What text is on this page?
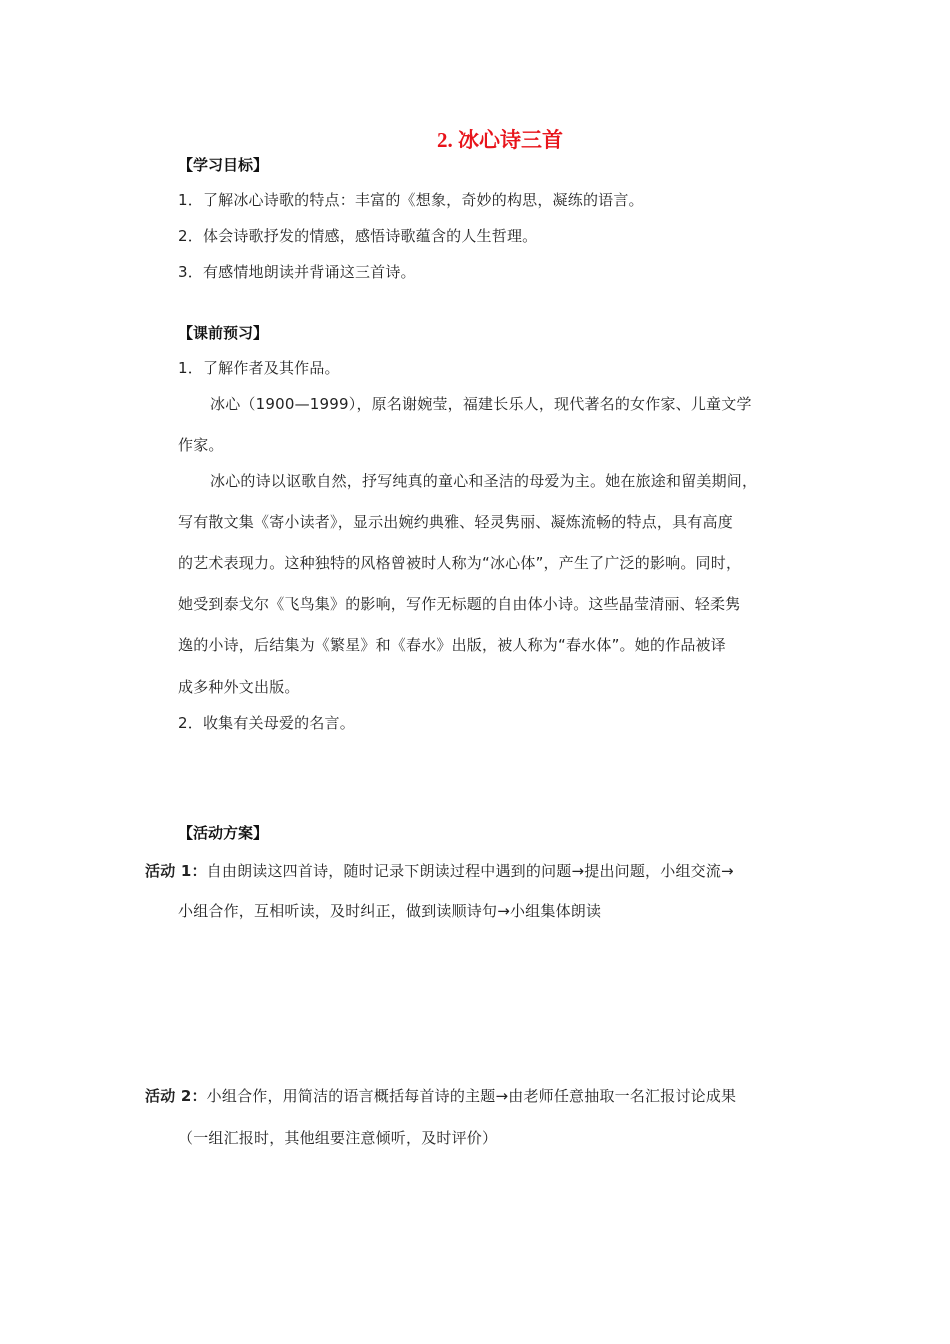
2. 冰心诗三首
【学习目标】
1．了解冰心诗歌的特点：丰富的《想象，奇妙的构思，凝练的语言。
2．体会诗歌抒发的情感，感悟诗歌蕴含的人生哲理。
3．有感情地朗读并背诵这三首诗。
【课前预习】
1．了解作者及其作品。
冰心（1900—1999），原名谢婉莹，福建长乐人，现代著名的女作家、儿童文学
作家。
冰心的诗以讴歌自然，抒写纯真的童心和圣洁的母爱为主。她在旅途和留美期间，
写有散文集《寄小读者》，显示出婉约典雅、轻灵隽丽、凝炼流畅的特点，具有高度
的艺术表现力。这种独特的风格曾被时人称为“冰心体”，产生了广泛的影响。同时，
她受到泰戈尔《飞鸟集》的影响，写作无标题的自由体小诗。这些晶莹清丽、轻柔隽
逸的小诗，后结集为《繁星》和《春水》出版，被人称为“春水体”。她的作品被译
成多种外文出版。
2．收集有关母爱的名言。
【活动方案】
活动 1：自由朗读这四首诗，随时记录下朗读过程中遇到的问题→提出问题，小组交流→
小组合作，互相听读，及时纠正，做到读顺诗句→小组集体朗读
活动 2：小组合作，用简洁的语言概括每首诗的主题→由老师任意抽取一名汇报讨论成果
（一组汇报时，其他组要注意倾听，及时评价）
